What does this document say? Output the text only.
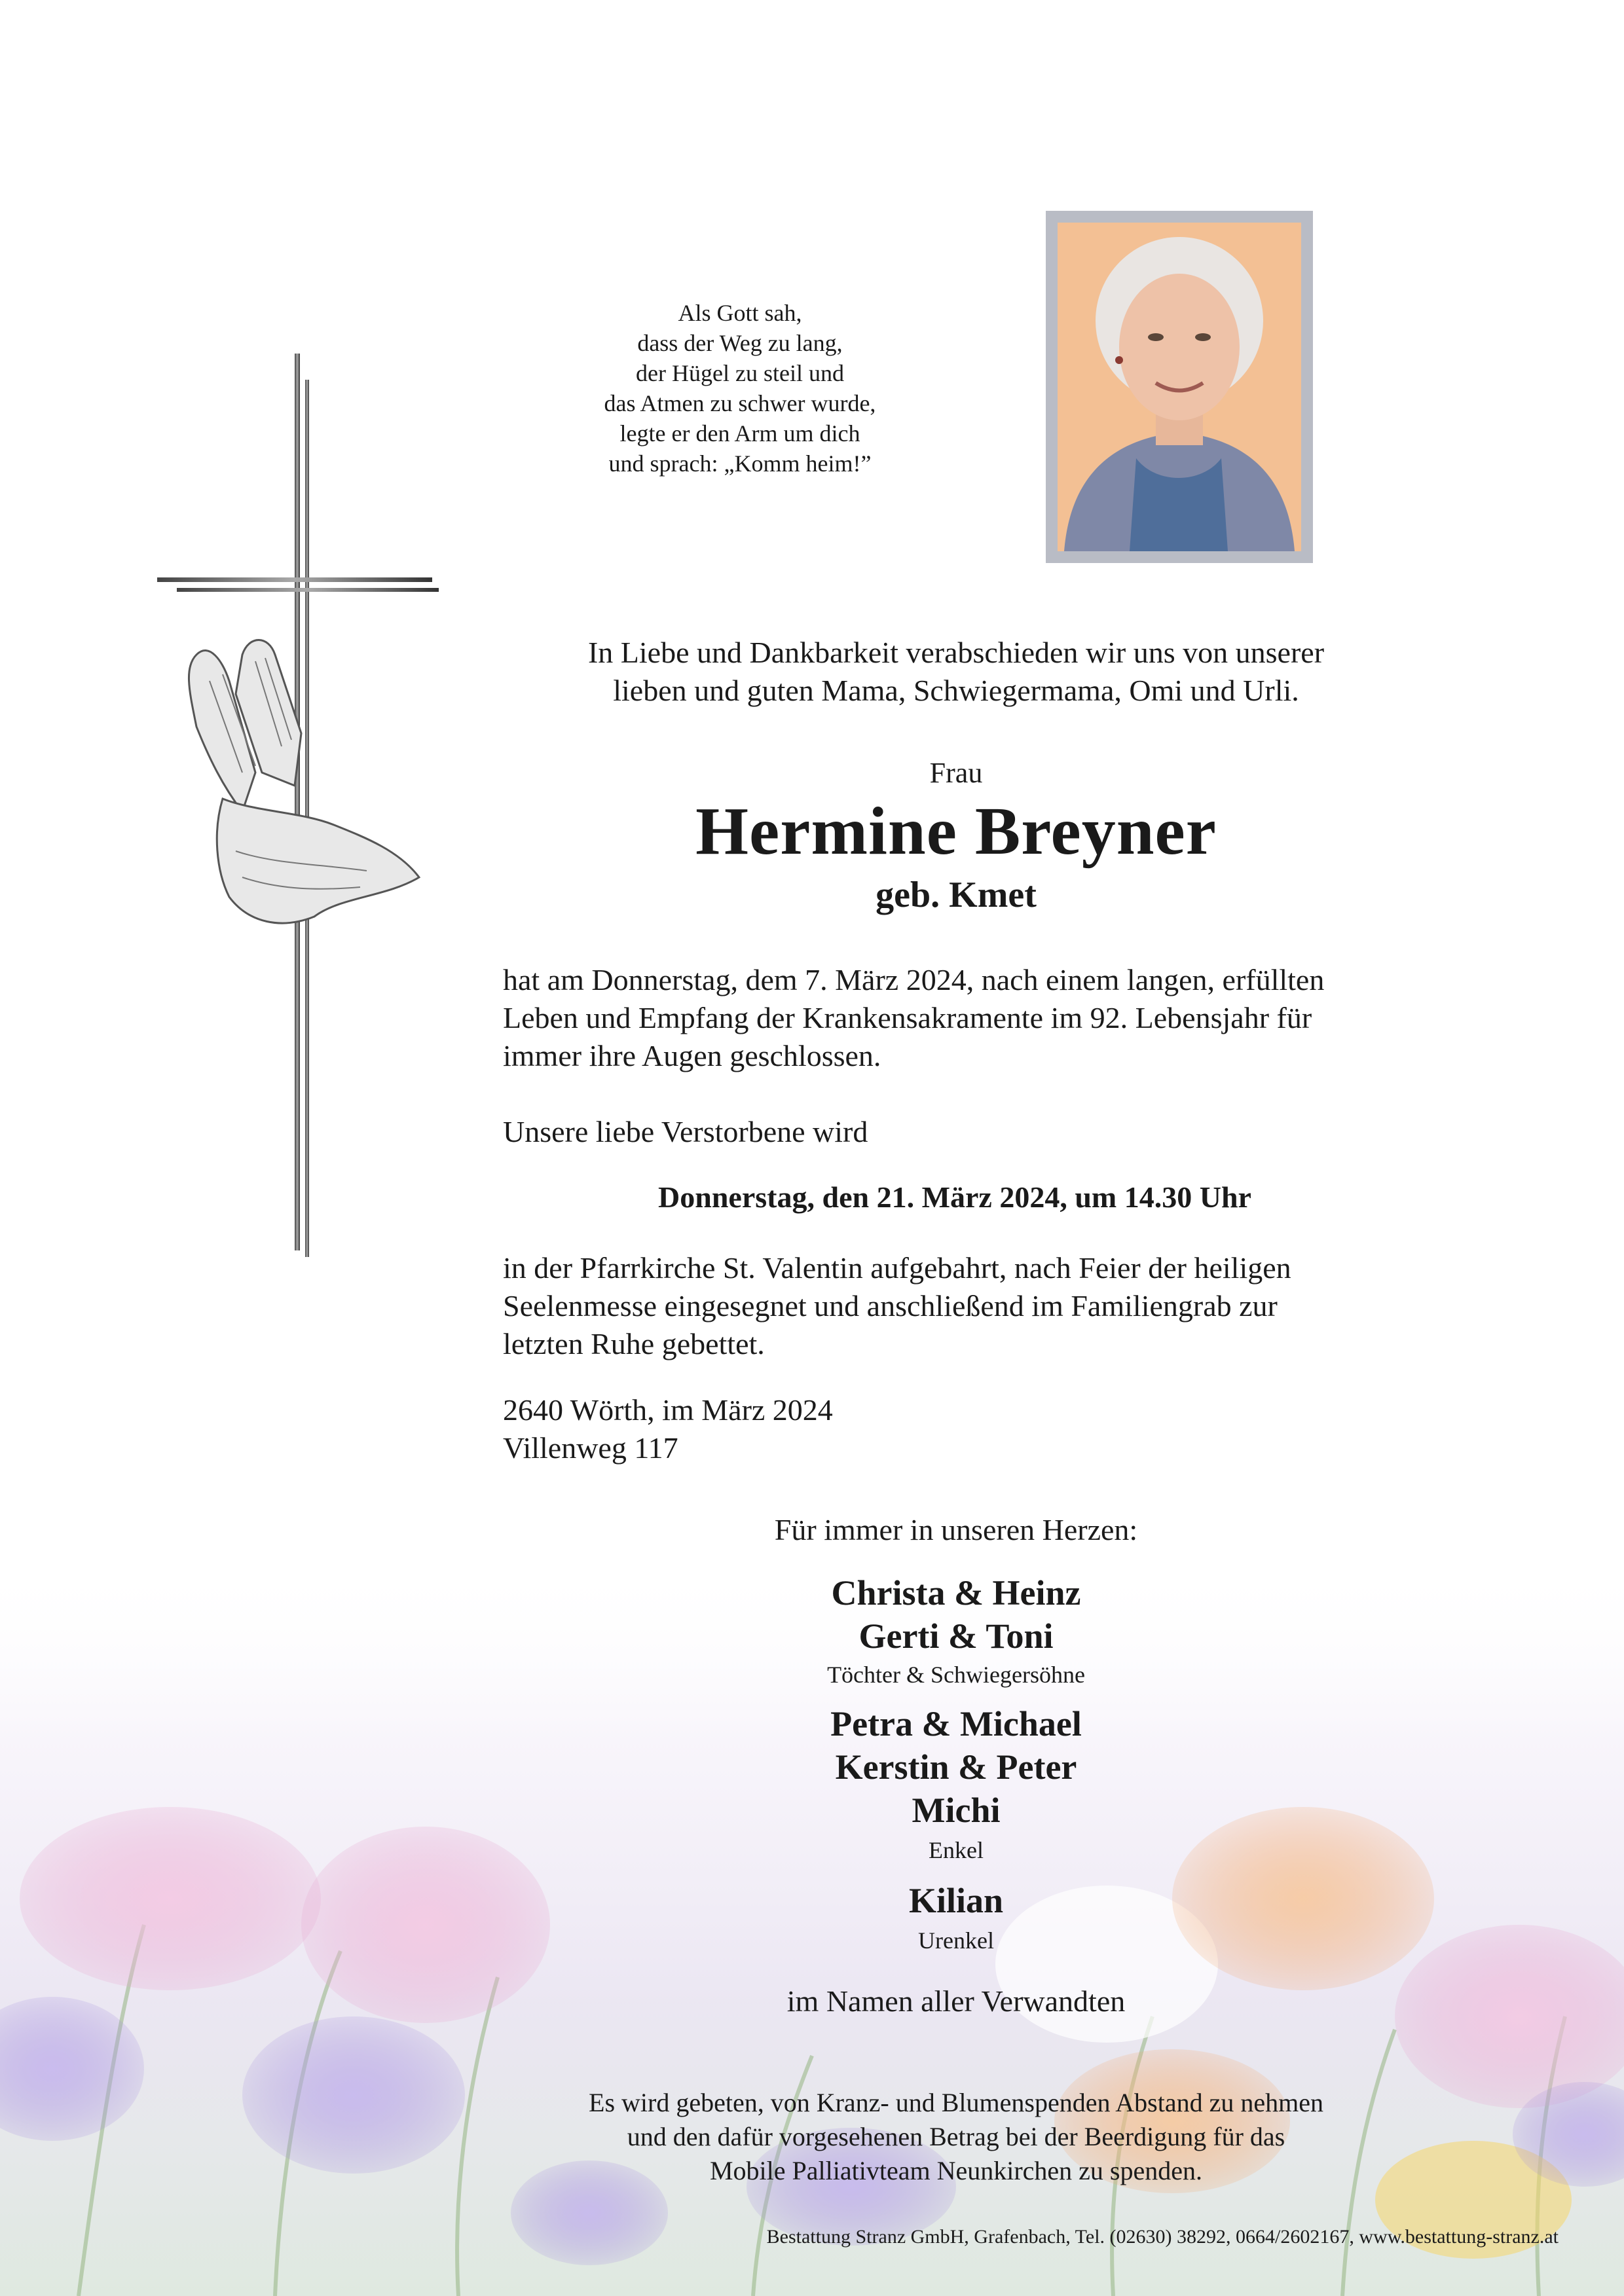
Als Gott sah,
dass der Weg zu lang,
der Hügel zu steil und
das Atmen zu schwer wurde,
legte er den Arm um dich
und sprach: „Komm heim!”
In Liebe und Dankbarkeit verabschieden wir uns von unserer
lieben und guten Mama, Schwiegermama, Omi und Urli.
Frau
Hermine Breyner
geb. Kmet
hat am Donnerstag, dem 7. März 2024, nach einem langen, erfüllten
Leben und Empfang der Krankensakramente im 92. Lebensjahr für
immer ihre Augen geschlossen.
Unsere liebe Verstorbene wird
Donnerstag, den 21. März 2024, um 14.30 Uhr
in der Pfarrkirche St. Valentin aufgebahrt, nach Feier der heiligen
Seelenmesse eingesegnet und anschließend im Familiengrab zur
letzten Ruhe gebettet.
2640 Wörth, im März 2024
Villenweg 117
Für immer in unseren Herzen:
Christa & Heinz
Gerti & Toni
Töchter & Schwiegersöhne
Petra & Michael
Kerstin & Peter
Michi
Enkel
Kilian
Urenkel
im Namen aller Verwandten
Es wird gebeten, von Kranz- und Blumenspenden Abstand zu nehmen
und den dafür vorgesehenen Betrag bei der Beerdigung für das
Mobile Palliativteam Neunkirchen zu spenden.
Bestattung Stranz GmbH, Grafenbach, Tel. (02630) 38292, 0664/2602167, www.bestattung-stranz.at
